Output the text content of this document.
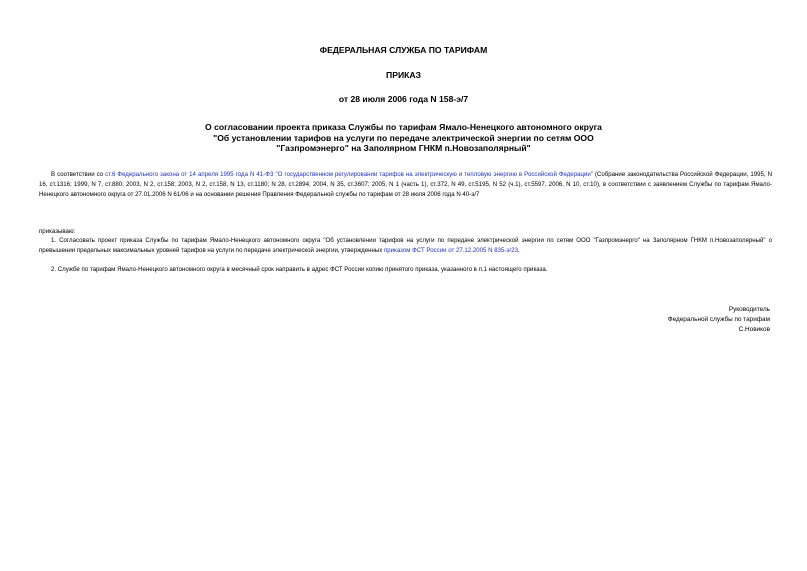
ФЕДЕРАЛЬНАЯ СЛУЖБА ПО ТАРИФАМ
ПРИКАЗ
от 28 июля 2006 года N 158-э/7
О согласовании проекта приказа Службы по тарифам Ямало-Ненецкого автономного округа
"Об установлении тарифов на услуги по передаче электрической энергии по сетям ООО
"Газпромэнерго" на Заполярном ГНКМ п.Новозаполярный"
В соответствии со ст.6 Федерального закона от 14 апреля 1995 года N 41-ФЗ "О государственном регулировании тарифов на электрическую и тепловую энергию в Российской Федерации" (Собрание законодательства Российской Федерации, 1995, N 16, ст.1316; 1999, N 7, ст.880; 2003, N 2, ст.158; 2003, N 2, ст.158, N 13, ст.1180; N 28, ст.2894; 2004, N 35, ст.3607; 2005, N 1 (часть 1), ст.372, N 49, ст.5195, N 52 (ч.1), ст.5597, 2006, N 10, ст.10), в соответствии с заявлением Службы по тарифам Ямало-Ненецкого автономного округа от 27.01.2006 N 61/06 и на основании решения Правления Федеральной службы по тарифам от 28 июля 2006 года N 40-э/7
приказываю:
1. Согласовать проект приказа Службы по тарифам Ямало-Ненецкого автономного округа "Об установлении тарифов на услуги по передаче электрической энергии по сетям ООО "Газпромэнерго" на Заполярном ГНКМ п.Новозаполярный" о превышении предельных максимальных уровней тарифов на услуги по передаче электрической энергии, утвержденных приказом ФСТ России от 27.12.2005 N 835-э/23.
2. Службе по тарифам Ямало-Ненецкого автономного округа в месячный срок направить в адрес ФСТ России копию принятого приказа, указанного в п.1 настоящего приказа.
Руководитель
Федеральной службы по тарифам
С.Новиков
